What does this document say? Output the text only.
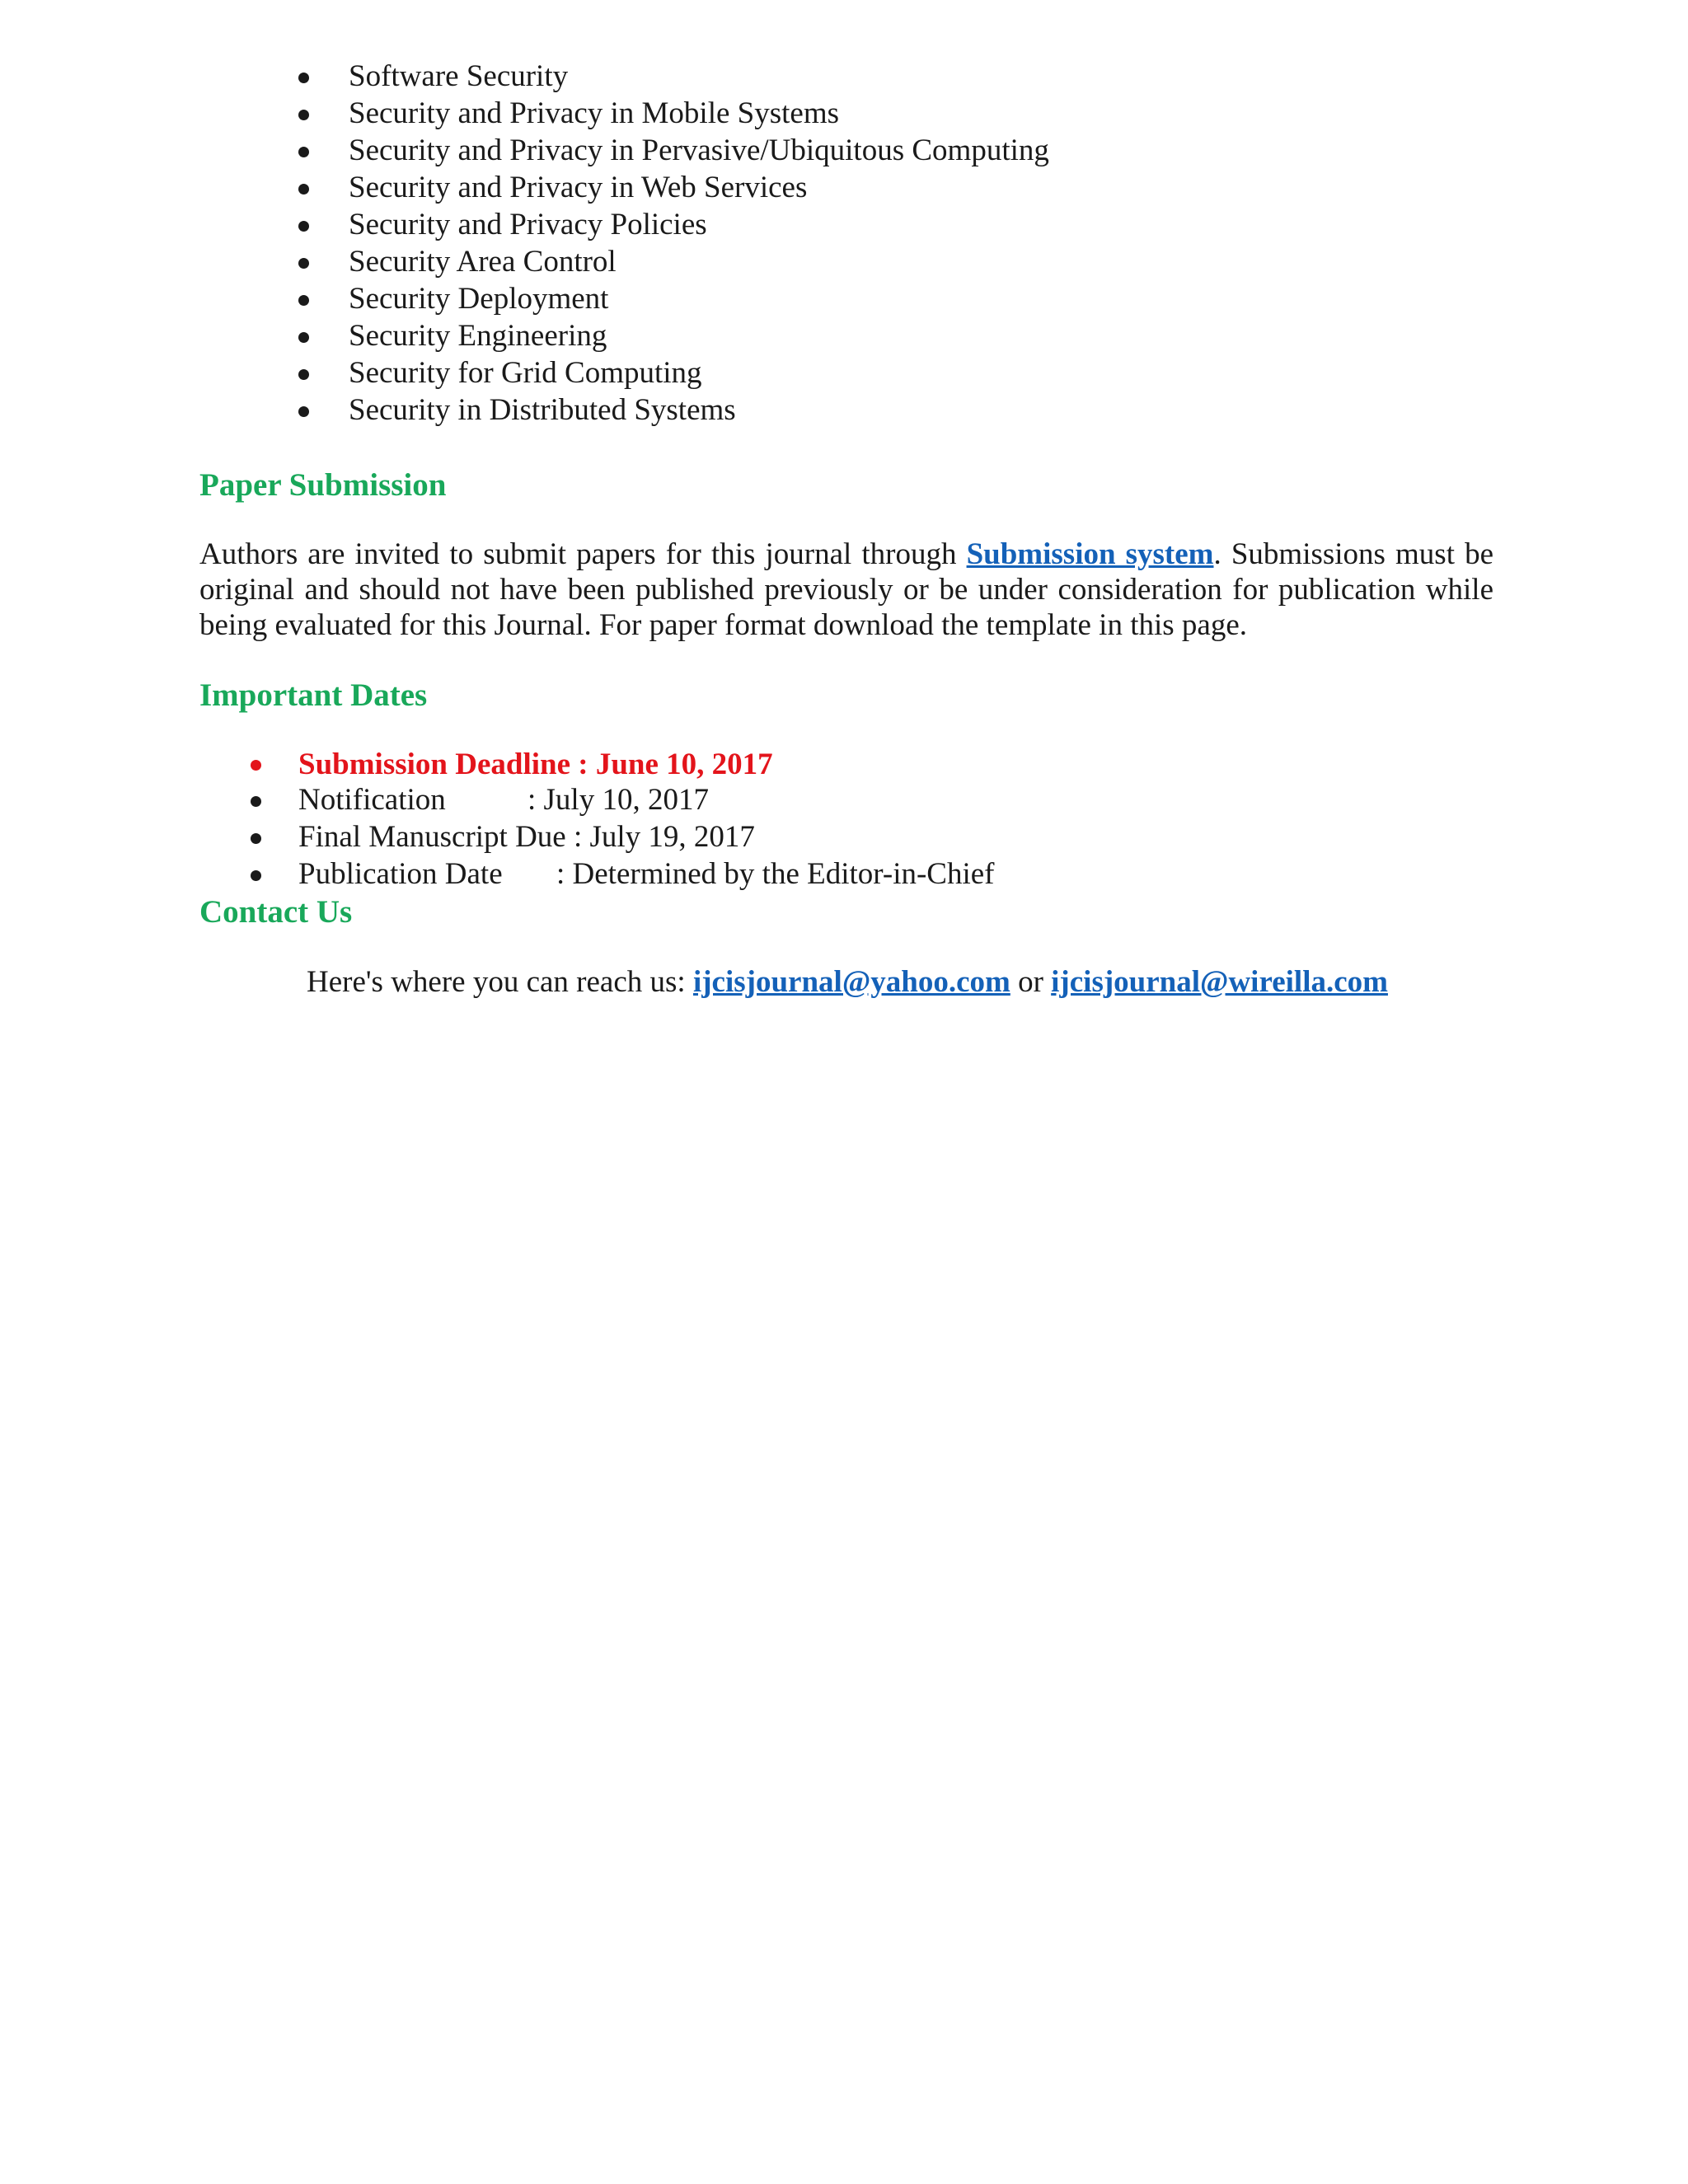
Software Security
Security and Privacy in Mobile Systems
Security and Privacy in Pervasive/Ubiquitous Computing
Security and Privacy in Web Services
Security and Privacy Policies
Security Area Control
Security Deployment
Security Engineering
Security for Grid Computing
Security in Distributed Systems
Paper Submission

Authors are invited to submit papers for this journal through Submission system. Submissions must be original and should not have been published previously or be under consideration for publication while being evaluated for this Journal. For paper format download the template in this page.

Important Dates
Submission Deadline : June 10, 2017
Notification	: July 10, 2017
Final Manuscript Due : July 19, 2017
Publication Date : Determined by the Editor-in-Chief
Contact Us

Here's where you can reach us: ijcisjournal@yahoo.com or ijcisjournal@wireilla.com
